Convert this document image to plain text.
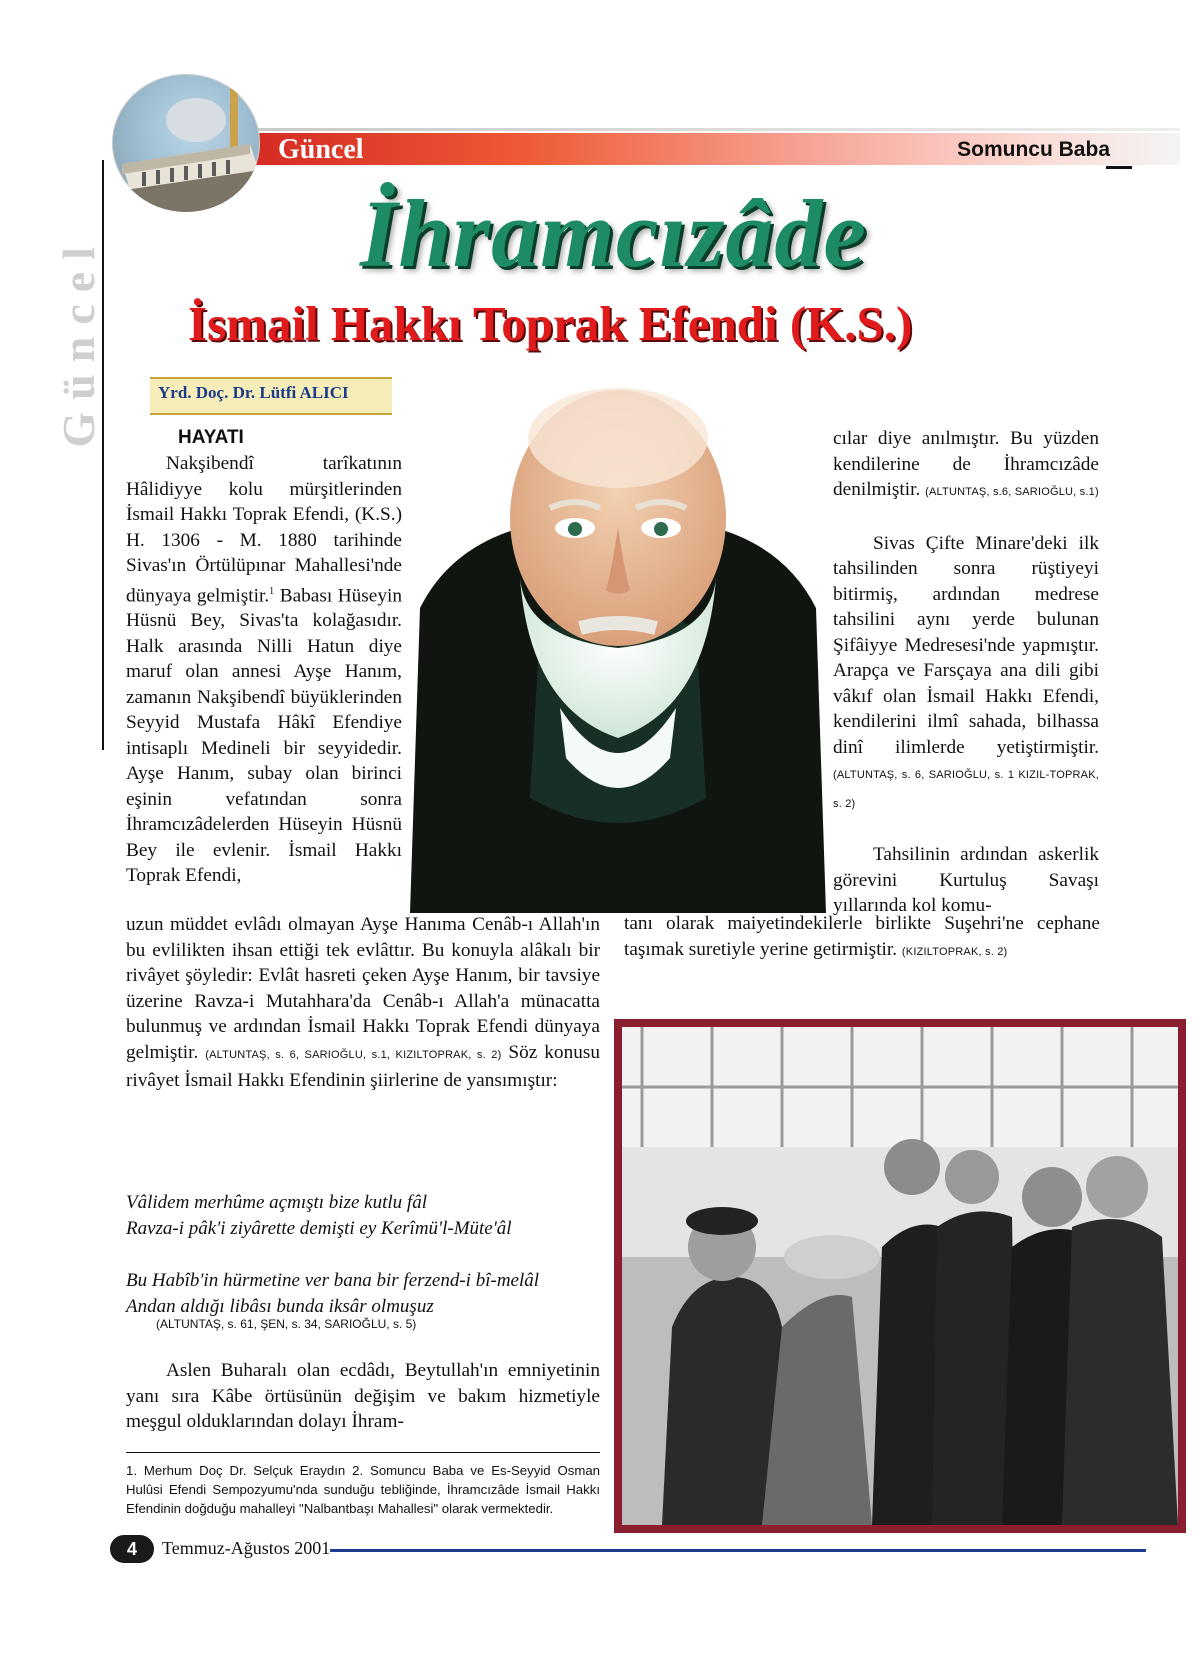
Güncel	Somuncu Baba
Güncel
İhramcızâde
İsmail Hakkı Toprak Efendi (K.S.)
Yrd. Doç. Dr. Lütfi ALICI
HAYATI

Nakşibendî tarîkatının Hâlidiyye kolu mürşitlerinden İsmail Hakkı Toprak Efendi, (K.S.) H. 1306 - M. 1880 tarihinde Sivas'ın Örtülüpınar Mahallesi'nde dünyaya gelmiştir.$^1$ Babası Hüseyin Hüsnü Bey, Sivas'ta kolağasıdır. Halk arasında Nilli Hatun diye maruf olan annesi Ayşe Hanım, zamanın Nakşibendî büyüklerinden Seyyid Mustafa Hâkî Efendiye intisaplı Medineli bir seyyidedir. Ayşe Hanım, subay olan birinci eşinin vefatından sonra İhramcızâdelerden Hüseyin Hüsnü Bey ile evlenir. İsmail Hakkı Toprak Efendi,

uzun müddet evlâdı olmayan Ayşe Hanıma Cenâb-ı Allah'ın bu evlilikten ihsan ettiği tek evlâttır. Bu konuyla alâkalı bir rivâyet şöyledir: Evlât hasreti çeken Ayşe Hanım, bir tavsiye üzerine Ravza-i Mutahhara'da Cenâb-ı Allah'a münacatta bulunmuş ve ardından İsmail Hakkı Toprak Efendi dünyaya gelmiştir. (ALTUNTAŞ, s. 6, SARIOĞLU, s.1, KIZILTOPRAK, s. 2) Söz konusu rivâyet İsmail Hakkı Efendinin şiirlerine de yansımıştır:

Vâlidem merhûme açmıştı bize kutlu fâl
Ravza-i pâk'i ziyârette demişti ey Kerîmü'l-Müte'âl
Bu Habîb'in hürmetine ver bana bir ferzend-i bî-melâl
Andan aldığı libâsı bunda iksâr olmuşuz
(ALTUNTAŞ, s. 61, ŞEN, s. 34, SARIOĞLU, s. 5)

Aslen Buharalı olan ecdâdı, Beytullah'ın emniyetinin yanı sıra Kâbe örtüsünün değişim ve bakım hizmetiyle meşgul olduklarından dolayı İhram-

1. Merhum Doç Dr. Selçuk Eraydın 2. Somuncu Baba ve Es-Seyyid Osman Hulûsi Efendi Sempozyumu'nda sunduğu tebliğinde, İhramcızâde İsmail Hakkı Efendinin doğduğu mahalleyi "Nalbantbaşı Mahallesi" olarak vermektedir.

cılar diye anılmıştır. Bu yüzden kendilerine de İhramcızâde denilmiştir. (ALTUNTAŞ, s.6, SARIOĞLU, s.1)

Sivas Çifte Minare'deki ilk tahsilinden sonra rüştiyeyi bitirmiş, ardından medrese tahsilini aynı yerde bulunan Şifâiyye Medresesi'nde yapmıştır. Arapça ve Farsçaya ana dili gibi vâkıf olan İsmail Hakkı Efendi, kendilerini ilmî sahada, bilhassa dinî ilimlerde yetiştirmiştir. (ALTUNTAŞ, s. 6, SARIOĞLU, s. 1 KIZIL-TOPRAK, s. 2)

Tahsilinin ardından askerlik görevini Kurtuluş Savaşı yıllarında kol komu-

tanı olarak maiyetindekilerle birlikte Suşehri'ne cephane taşımak suretiyle yerine getirmiştir. (KIZILTOPRAK, s. 2)

4	Temmuz-Ağustos 2001
